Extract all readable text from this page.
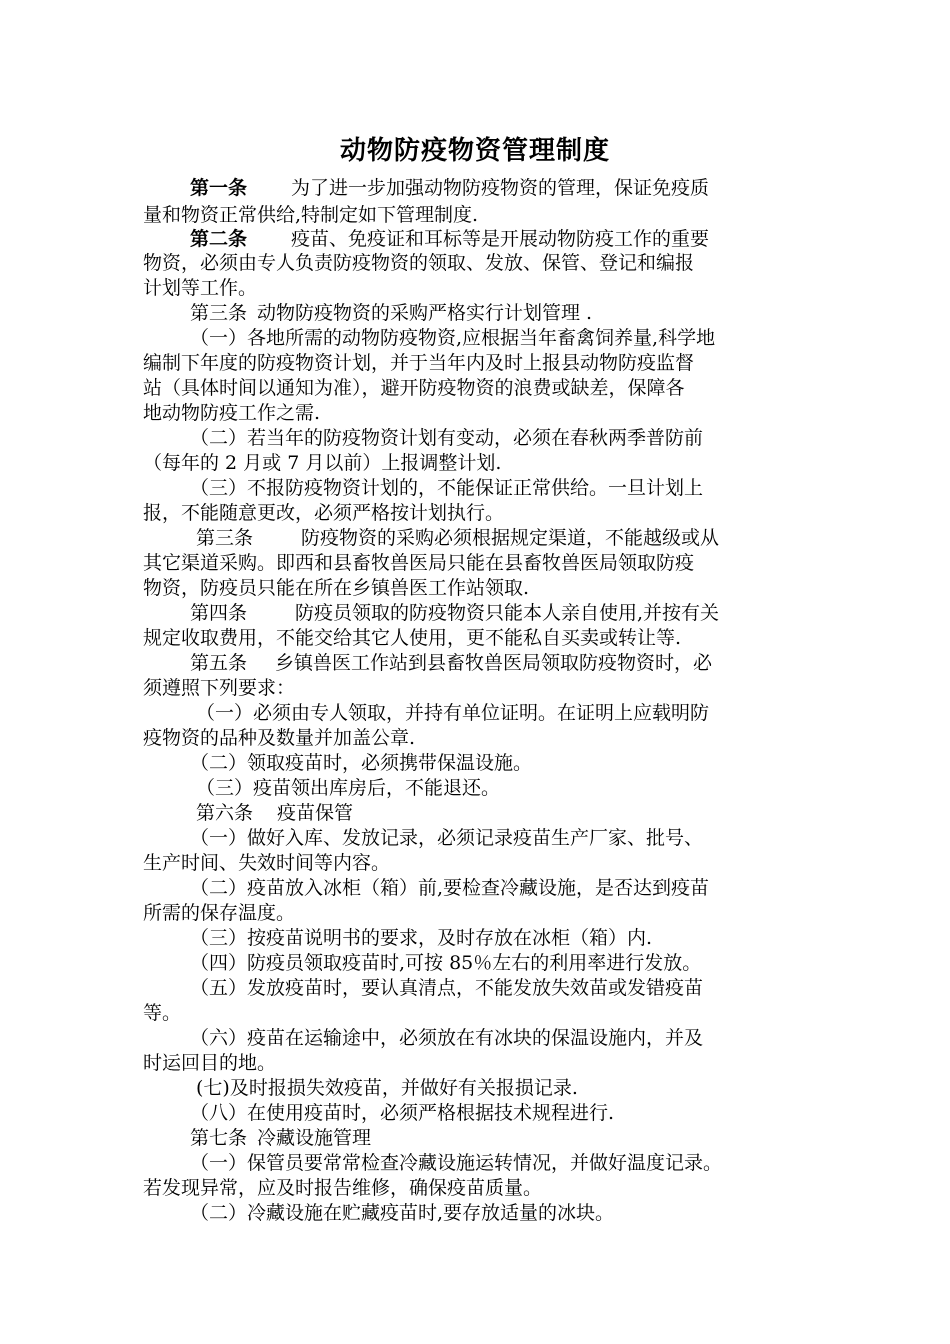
动物防疫物资管理制度
第一条 为了进一步加强动物防疫物资的管理，保证免疫质
量和物资正常供给,特制定如下管理制度.
第二条 疫苗、免疫证和耳标等是开展动物防疫工作的重要
物资，必须由专人负责防疫物资的领取、发放、保管、登记和编报
计划等工作。
第三条 动物防疫物资的采购严格实行计划管理 .
（一）各地所需的动物防疫物资,应根据当年畜禽饲养量,科学地
编制下年度的防疫物资计划，并于当年内及时上报县动物防疫监督
站（具体时间以通知为准），避开防疫物资的浪费或缺差，保障各
地动物防疫工作之需.
（二）若当年的防疫物资计划有变动，必须在春秋两季普防前
（每年的 2 月或 7 月以前）上报调整计划.
（三）不报防疫物资计划的，不能保证正常供给。一旦计划上
报，不能随意更改，必须严格按计划执行。
第三条	防疫物资的采购必须根据规定渠道，不能越级或从
其它渠道采购。即西和县畜牧兽医局只能在县畜牧兽医局领取防疫
物资，防疫员只能在所在乡镇兽医工作站领取.
第四条	防疫员领取的防疫物资只能本人亲自使用,并按有关
规定收取费用，不能交给其它人使用，更不能私自买卖或转让等.
第五条 乡镇兽医工作站到县畜牧兽医局领取防疫物资时，必
须遵照下列要求：
（一）必须由专人领取，并持有单位证明。在证明上应载明防
疫物资的品种及数量并加盖公章.
（二）领取疫苗时，必须携带保温设施。
（三）疫苗领出库房后，不能退还。
第六条 疫苗保管
（一）做好入库、发放记录，必须记录疫苗生产厂家、批号、
生产时间、失效时间等内容。
（二）疫苗放入冰柜（箱）前,要检查冷藏设施，是否达到疫苗
所需的保存温度。
（三）按疫苗说明书的要求，及时存放在冰柜（箱）内.
（四）防疫员领取疫苗时,可按 85％左右的利用率进行发放。
（五）发放疫苗时，要认真清点，不能发放失效苗或发错疫苗
等。
（六）疫苗在运输途中，必须放在有冰块的保温设施内，并及
时运回目的地。
(七)及时报损失效疫苗，并做好有关报损记录.
（八）在使用疫苗时，必须严格根据技术规程进行.
第七条 冷藏设施管理
（一）保管员要常常检查冷藏设施运转情况，并做好温度记录。
若发现异常，应及时报告维修，确保疫苗质量。
（二）冷藏设施在贮藏疫苗时,要存放适量的冰块。
